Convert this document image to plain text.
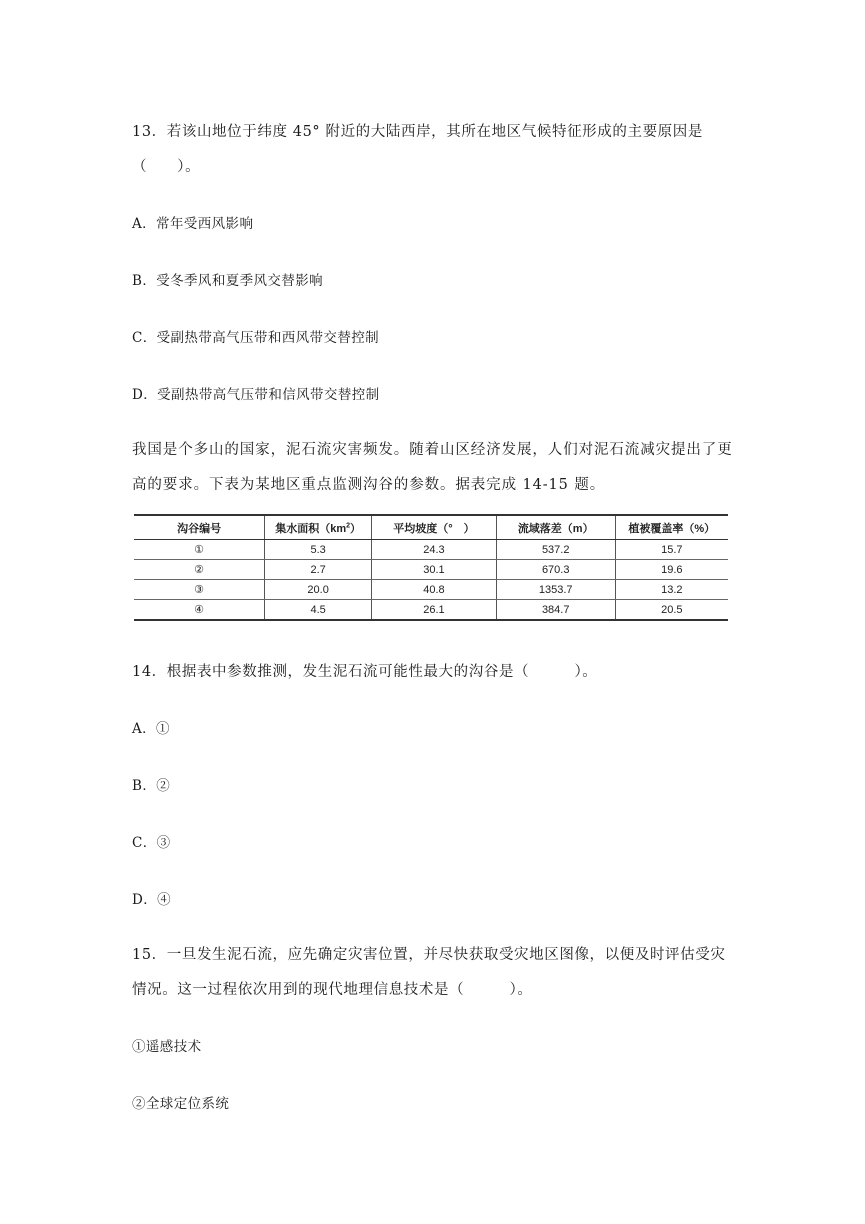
13．若该山地位于纬度 45° 附近的大陆西岸，其所在地区气候特征形成的主要原因是
（　　）。
A．常年受西风影响
B．受冬季风和夏季风交替影响
C．受副热带高气压带和西风带交替控制
D．受副热带高气压带和信风带交替控制
我国是个多山的国家，泥石流灾害频发。随着山区经济发展，人们对泥石流减灾提出了更
高的要求。下表为某地区重点监测沟谷的参数。据表完成 14-15 题。
沟谷编号	集水面积$(km^2)$	平均坡度（°　）	流域落差（m）	植被覆盖率（%）
①	5.3	24.3	537.2	15.7
②	2.7	30.1	670.3	19.6
③	20.0	40.8	1353.7	13.2
④	4.5	26.1	384.7	20.5
14．根据表中参数推测，发生泥石流可能性最大的沟谷是（　　　）。
A．①
B．②
C．③
D．④
15．一旦发生泥石流，应先确定灾害位置，并尽快获取受灾地区图像，以便及时评估受灾
情况。这一过程依次用到的现代地理信息技术是（　　　）。
①遥感技术
②全球定位系统
